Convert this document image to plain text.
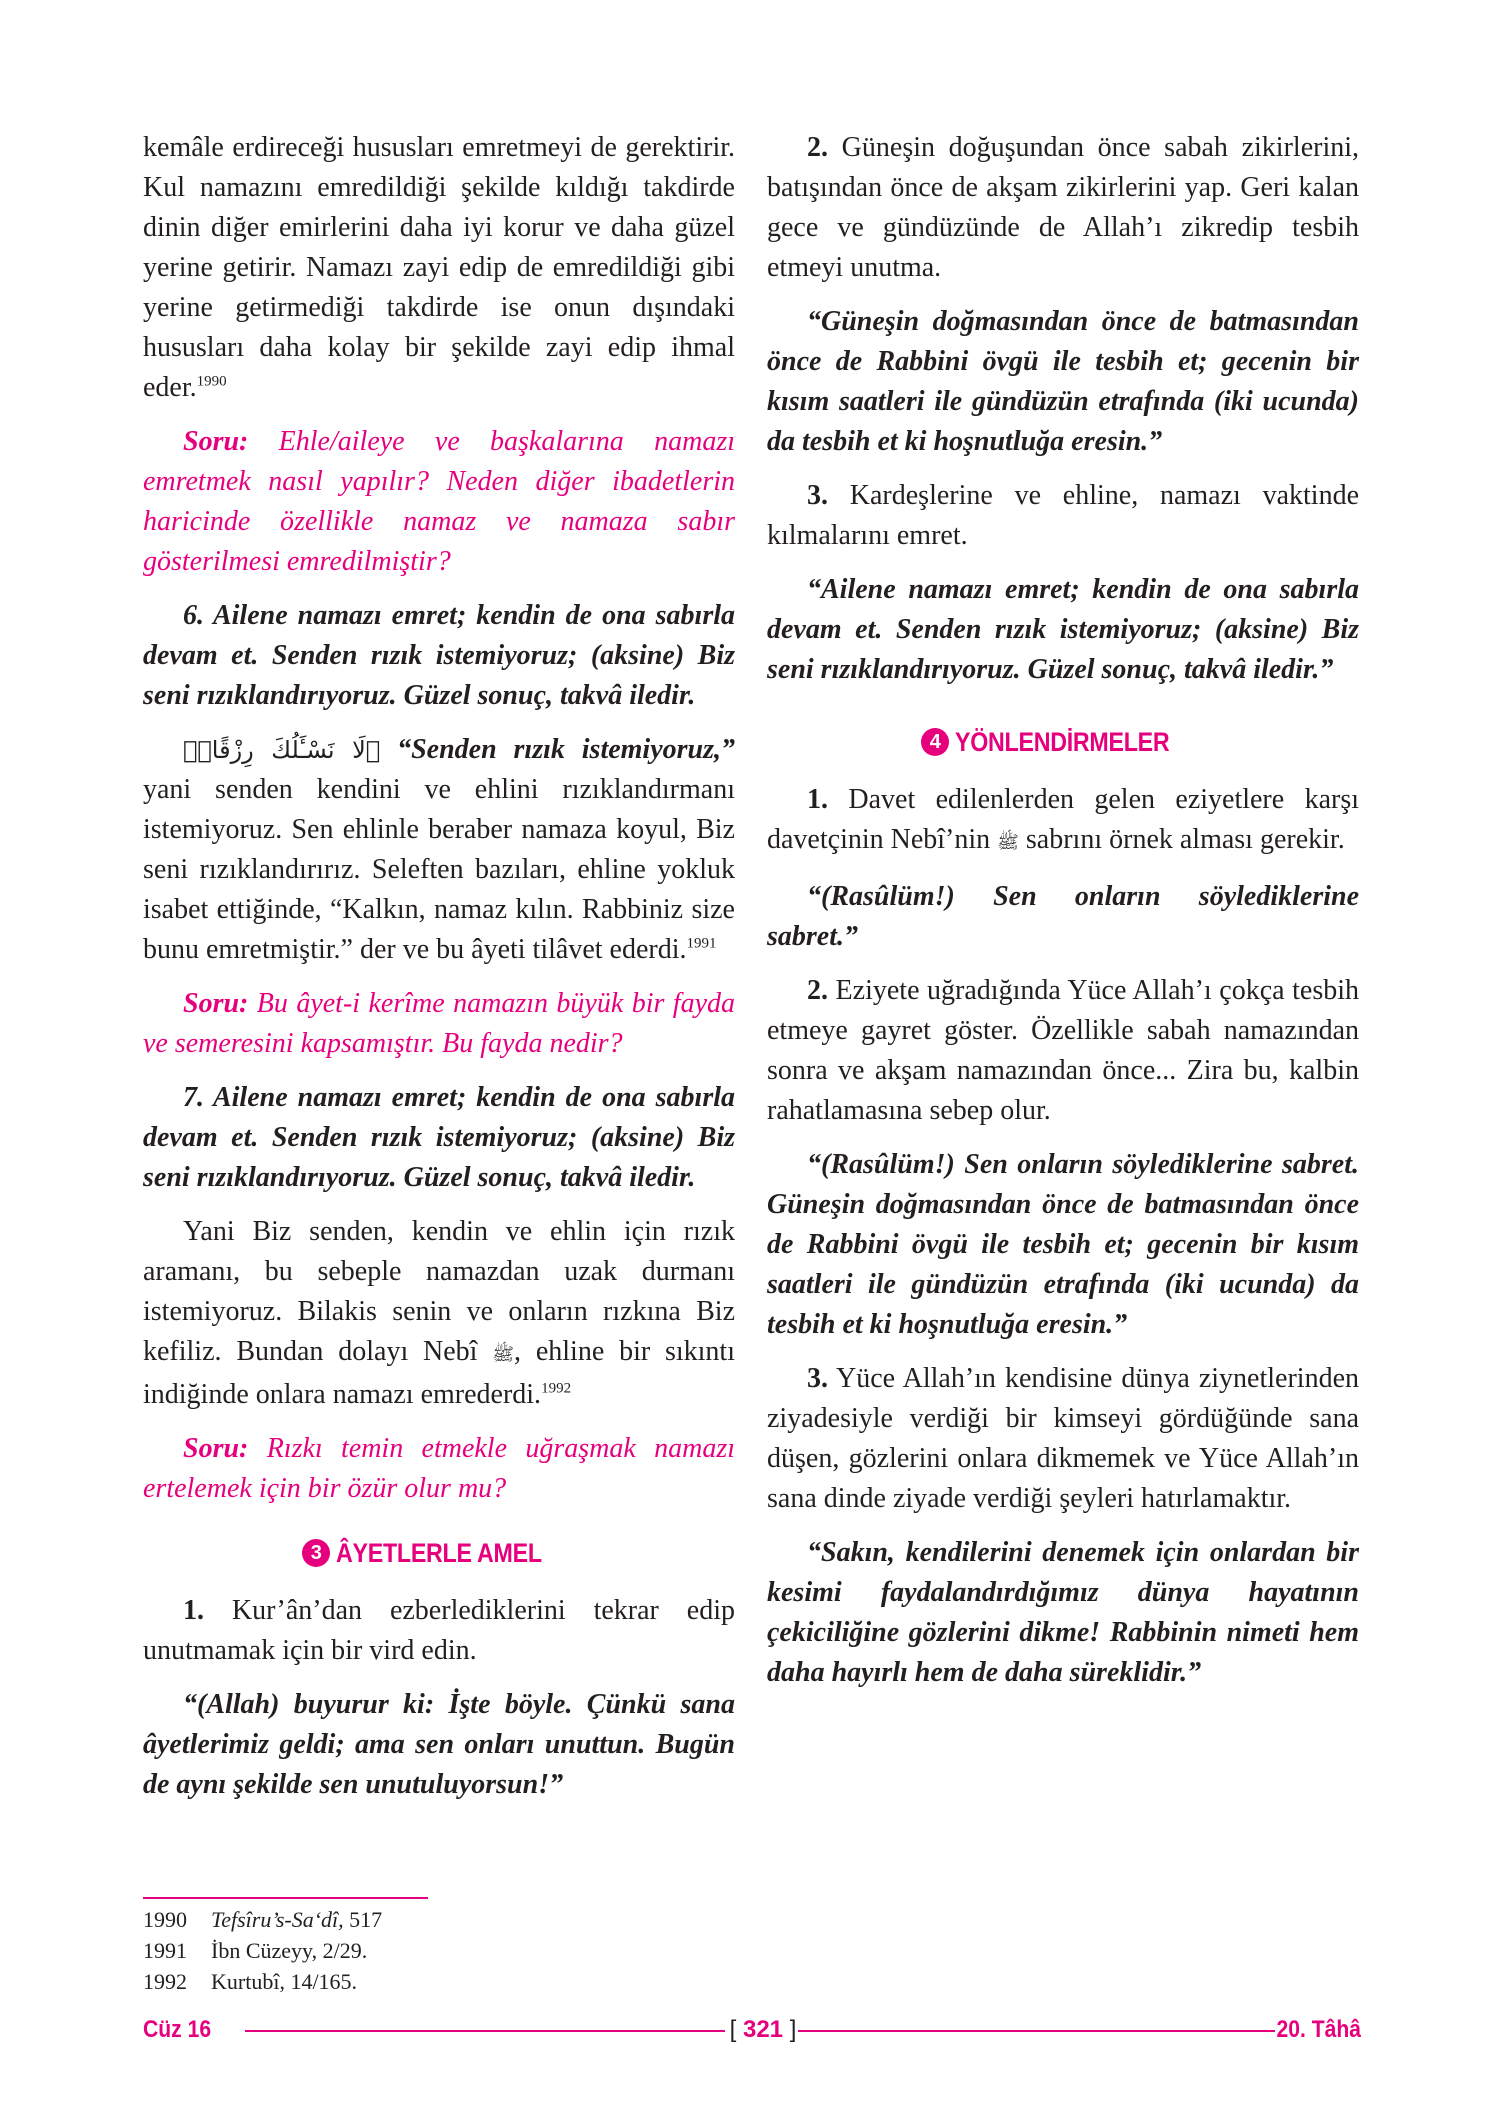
kemâle erdireceği hususları emretmeyi de gerektirir. Kul namazını emredildiği şekilde kıldığı takdirde dinin diğer emirlerini daha iyi korur ve daha güzel yerine getirir. Namazı zayi edip de emredildiği gibi yerine getirmediği takdirde ise onun dışındaki hususları daha kolay bir şekilde zayi edip ihmal eder.$^{1990}$

Soru: Ehle/aileye ve başkalarına namazı emretmek nasıl yapılır? Neden diğer ibadetlerin haricinde özellikle namaz ve namaza sabır gösterilmesi emredilmiştir?

6. Ailene namazı emret; kendin de ona sabırla devam et. Senden rızık istemiyoruz; (aksine) Biz seni rızıklandırıyoruz. Güzel sonuç, takvâ iledir.

﴿لَا نَسْـَٔلُكَ رِزْقًاۜ﴾ “Senden rızık istemiyoruz,” yani senden kendini ve ehlini rızıklandırmanı istemiyoruz. Sen ehlinle beraber namaza koyul, Biz seni rızıklandırırız. Seleften bazıları, ehline yokluk isabet ettiğinde, “Kalkın, namaz kılın. Rabbiniz size bunu emretmiştir.” der ve bu âyeti tilâvet ederdi.$^{1991}$

Soru: Bu âyet-i kerîme namazın büyük bir fayda ve semeresini kapsamıştır. Bu fayda nedir?

7. Ailene namazı emret; kendin de ona sabırla devam et. Senden rızık istemiyoruz; (aksine) Biz seni rızıklandırıyoruz. Güzel sonuç, takvâ iledir.

Yani Biz senden, kendin ve ehlin için rızık aramanı, bu sebeple namazdan uzak durmanı istemiyoruz. Bilakis senin ve onların rızkına Biz kefiliz. Bundan dolayı Nebî ﷺ, ehline bir sıkıntı indiğinde onlara namazı emrederdi.$^{1992}$

Soru: Rızkı temin etmekle uğraşmak namazı ertelemek için bir özür olur mu?

3 ÂYETLERLE AMEL

1. Kur’ân’dan ezberlediklerini tekrar edip unutmamak için bir vird edin.

“(Allah) buyurur ki: İşte böyle. Çünkü sana âyetlerimiz geldi; ama sen onları unuttun. Bugün de aynı şekilde sen unutuluyorsun!”

2. Güneşin doğuşundan önce sabah zikirlerini, batışından önce de akşam zikirlerini yap. Geri kalan gece ve gündüzünde de Allah’ı zikredip tesbih etmeyi unutma.

“Güneşin doğmasından önce de batmasından önce de Rabbini övgü ile tesbih et; gecenin bir kısım saatleri ile gündüzün etrafında (iki ucunda) da tesbih et ki hoşnutluğa eresin.”

3. Kardeşlerine ve ehline, namazı vaktinde kılmalarını emret.

“Ailene namazı emret; kendin de ona sabırla devam et. Senden rızık istemiyoruz; (aksine) Biz seni rızıklandırıyoruz. Güzel sonuç, takvâ iledir.”

4 YÖNLENDİRMELER

1. Davet edilenlerden gelen eziyetlere karşı davetçinin Nebî’nin ﷺ sabrını örnek alması gerekir.

“(Rasûlüm!) Sen onların söylediklerine sabret.”

2. Eziyete uğradığında Yüce Allah’ı çokça tesbih etmeye gayret göster. Özellikle sabah namazından sonra ve akşam namazından önce... Zira bu, kalbin rahatlamasına sebep olur.

“(Rasûlüm!) Sen onların söylediklerine sabret. Güneşin doğmasından önce de batmasından önce de Rabbini övgü ile tesbih et; gecenin bir kısım saatleri ile gündüzün etrafında (iki ucunda) da tesbih et ki hoşnutluğa eresin.”

3. Yüce Allah’ın kendisine dünya ziynetlerinden ziyadesiyle verdiği bir kimseyi gördüğünde sana düşen, gözlerini onlara dikmemek ve Yüce Allah’ın sana dinde ziyade verdiği şeyleri hatırlamaktır.

“Sakın, kendilerini denemek için onlardan bir kesimi faydalandırdığımız dünya hayatının çekiciliğine gözlerini dikme! Rabbinin nimeti hem daha hayırlı hem de daha süreklidir.”

1990 Tefsîru’s-Sa‘dî, 517
1991 İbn Cüzeyy, 2/29.
1992 Kurtubî, 14/165.
Cüz 16	[ 321 ]	20. Tâhâ
